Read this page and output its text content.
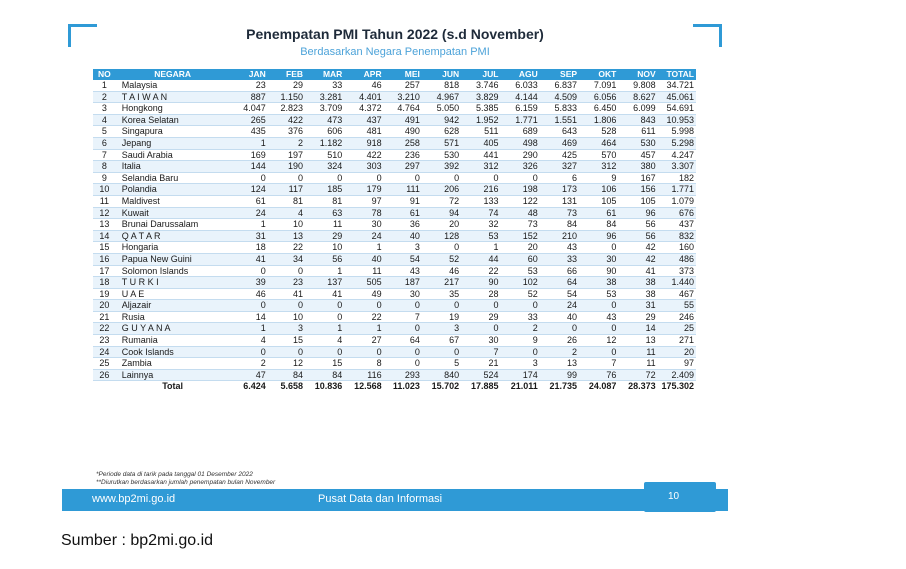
Penempatan PMI Tahun 2022 (s.d November)
Berdasarkan Negara Penempatan PMI
NO	NEGARA	JAN	FEB	MAR	APR	MEI	JUN	JUL	AGU	SEP	OKT	NOV	TOTAL
1	Malaysia	23	29	33	46	257	818	3.746	6.033	6.837	7.091	9.808	34.721
2	T A I W A N	887	1.150	3.281	4.401	3.210	4.967	3.829	4.144	4.509	6.056	8.627	45.061
3	Hongkong	4.047	2.823	3.709	4.372	4.764	5.050	5.385	6.159	5.833	6.450	6.099	54.691
4	Korea Selatan	265	422	473	437	491	942	1.952	1.771	1.551	1.806	843	10.953
5	Singapura	435	376	606	481	490	628	511	689	643	528	611	5.998
6	Jepang	1	2	1.182	918	258	571	405	498	469	464	530	5.298
7	Saudi Arabia	169	197	510	422	236	530	441	290	425	570	457	4.247
8	Italia	144	190	324	303	297	392	312	326	327	312	380	3.307
9	Selandia Baru	0	0	0	0	0	0	0	0	6	9	167	182
10	Polandia	124	117	185	179	111	206	216	198	173	106	156	1.771
11	Maldivest	61	81	81	97	91	72	133	122	131	105	105	1.079
12	Kuwait	24	4	63	78	61	94	74	48	73	61	96	676
13	Brunai Darussalam	1	10	11	30	36	20	32	73	84	84	56	437
14	Q A T A R	31	13	29	24	40	128	53	152	210	96	56	832
15	Hongaria	18	22	10	1	3	0	1	20	43	0	42	160
16	Papua New Guini	41	34	56	40	54	52	44	60	33	30	42	486
17	Solomon Islands	0	0	1	11	43	46	22	53	66	90	41	373
18	T U R K I	39	23	137	505	187	217	90	102	64	38	38	1.440
19	U A E	46	41	41	49	30	35	28	52	54	53	38	467
20	Aljazair	0	0	0	0	0	0	0	0	24	0	31	55
21	Rusia	14	10	0	22	7	19	29	33	40	43	29	246
22	G U Y A N A	1	3	1	1	0	3	0	2	0	0	14	25
23	Rumania	4	15	4	27	64	67	30	9	26	12	13	271
24	Cook Islands	0	0	0	0	0	0	7	0	2	0	11	20
25	Zambia	2	12	15	8	0	5	21	3	13	7	11	97
26	Lainnya	47	84	84	116	293	840	524	174	99	76	72	2.409
	Total	6.424	5.658	10.836	12.568	11.023	15.702	17.885	21.011	21.735	24.087	28.373	175.302
*Periode data di tarik pada tanggal 01 Desember 2022
**Diurutkan berdasarkan jumlah penempatan bulan November
www.bp2mi.go.id	Pusat Data dan Informasi	10
Sumber : bp2mi.go.id
